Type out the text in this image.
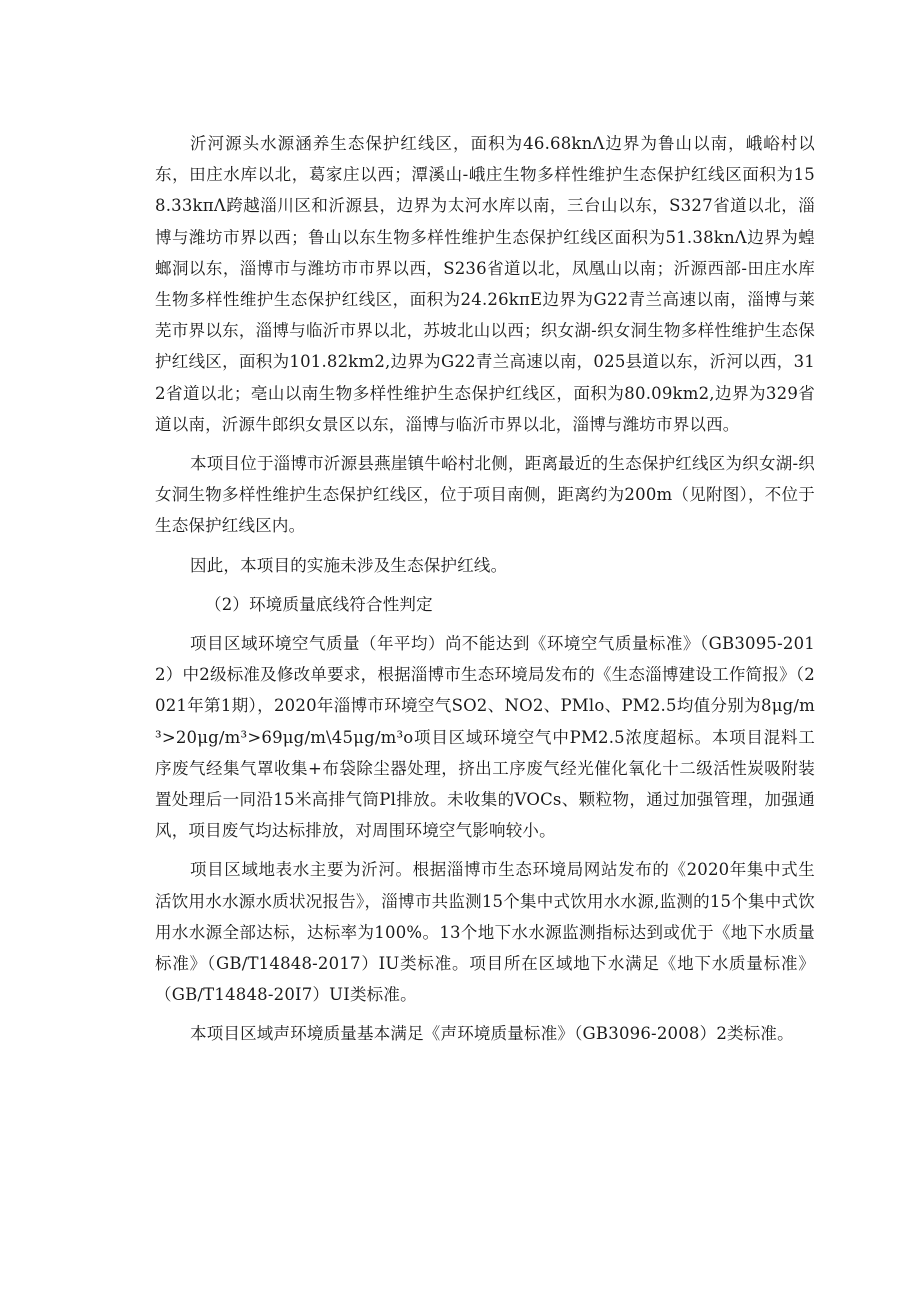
沂河源头水源涵养生态保护红线区，面积为46.68knΛ边界为鲁山以南，峨峪村以东，田庄水库以北，葛家庄以西；潭溪山-峨庄生物多样性维护生态保护红线区面积为158.33kπΛ跨越淄川区和沂源县，边界为太河水库以南，三台山以东，S327省道以北，淄博与潍坊市界以西；鲁山以东生物多样性维护生态保护红线区面积为51.38knΛ边界为蝗螂洞以东，淄博市与潍坊市市界以西，S236省道以北，凤凰山以南；沂源西部-田庄水库生物多样性维护生态保护红线区，面积为24.26kπE边界为G22青兰高速以南，淄博与莱芜市界以东，淄博与临沂市界以北，苏坡北山以西；织女湖-织女洞生物多样性维护生态保护红线区，面积为101.82km2,边界为G22青兰高速以南，025县道以东，沂河以西，312省道以北；亳山以南生物多样性维护生态保护红线区，面积为80.09km2,边界为329省道以南，沂源牛郎织女景区以东，淄博与临沂市界以北，淄博与潍坊市界以西。

本项目位于淄博市沂源县燕崖镇牛峪村北侧，距离最近的生态保护红线区为织女湖-织女洞生物多样性维护生态保护红线区，位于项目南侧，距离约为200m（见附图），不位于生态保护红线区内。

因此，本项目的实施未涉及生态保护红线。

（2）环境质量底线符合性判定

项目区域环境空气质量（年平均）尚不能达到《环境空气质量标准》（GB3095-2012）中2级标准及修改单要求，根据淄博市生态环境局发布的《生态淄博建设工作简报》（2021年第1期），2020年淄博市环境空气SO2、NO2、PMlo、PM2.5均值分别为8μg∕m³>20μg∕m³>69μg∕m\45μg∕m³o项目区域环境空气中PM2.5浓度超标。本项目混料工序废气经集气罩收集+布袋除尘器处理，挤出工序废气经光催化氧化十二级活性炭吸附装置处理后一同沿15米高排气筒Pl排放。未收集的VOCs、颗粒物，通过加强管理，加强通风，项目废气均达标排放，对周围环境空气影响较小。

项目区域地表水主要为沂河。根据淄博市生态环境局网站发布的《2020年集中式生活饮用水水源水质状况报告》，淄博市共监测15个集中式饮用水水源,监测的15个集中式饮用水水源全部达标，达标率为100%。13个地下水水源监测指标达到或优于《地下水质量标准》（GB∕T14848-2017）IU类标准。项目所在区域地下水满足《地下水质量标准》（GB∕T14848-20I7）UI类标准。

本项目区域声环境质量基本满足《声环境质量标准》（GB3096-2008）2类标准。
